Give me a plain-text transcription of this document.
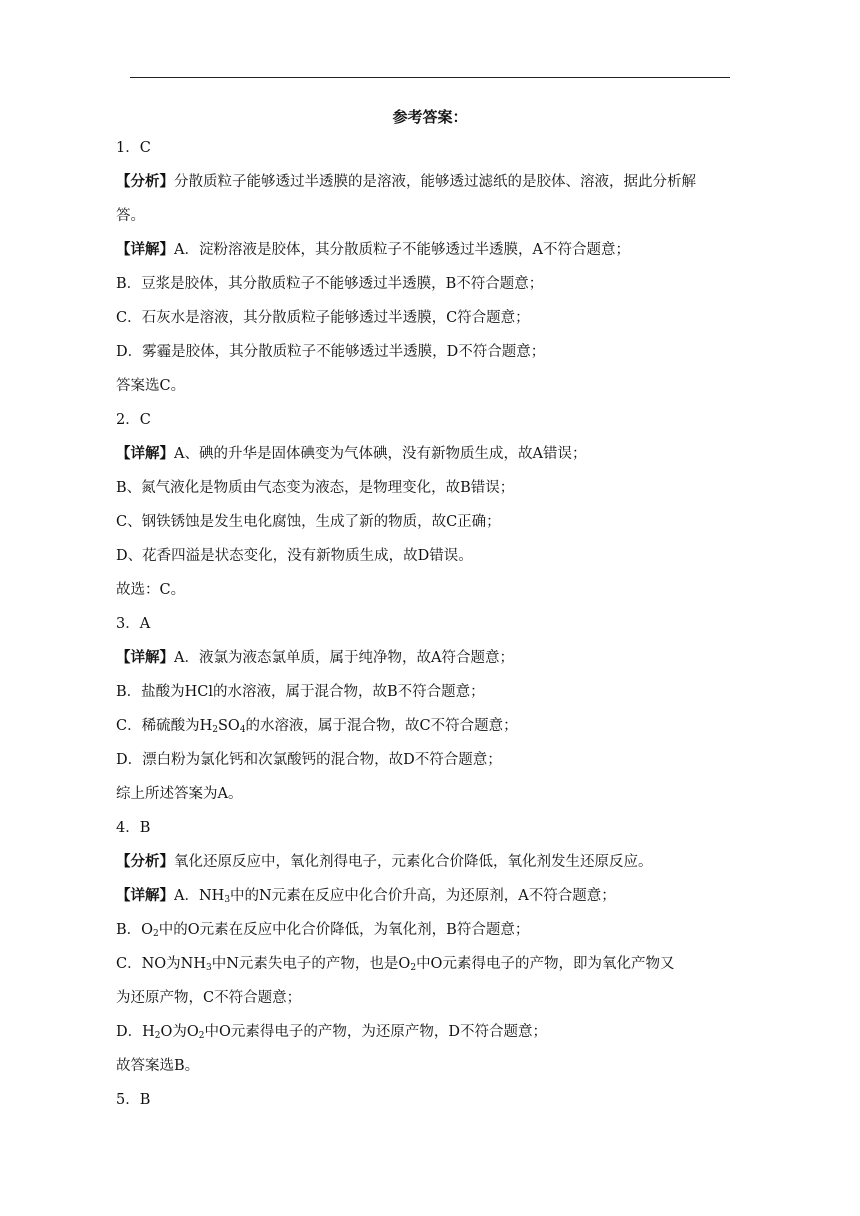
参考答案：
1．C
【分析】分散质粒子能够透过半透膜的是溶液，能够透过滤纸的是胶体、溶液，据此分析解
答。
【详解】A．淀粉溶液是胶体，其分散质粒子不能够透过半透膜，A不符合题意；
B．豆浆是胶体，其分散质粒子不能够透过半透膜，B不符合题意；
C．石灰水是溶液，其分散质粒子能够透过半透膜，C符合题意；
D．雾霾是胶体，其分散质粒子不能够透过半透膜，D不符合题意；
答案选C。
2．C
【详解】A、碘的升华是固体碘变为气体碘，没有新物质生成，故A错误；
B、氮气液化是物质由气态变为液态，是物理变化，故B错误；
C、钢铁锈蚀是发生电化腐蚀，生成了新的物质，故C正确；
D、花香四溢是状态变化，没有新物质生成，故D错误。
故选：C。
3．A
【详解】A．液氯为液态氯单质，属于纯净物，故A符合题意；
B．盐酸为HCl的水溶液，属于混合物，故B不符合题意；
C．稀硫酸为$H_2SO_4$的水溶液，属于混合物，故C不符合题意；
D．漂白粉为氯化钙和次氯酸钙的混合物，故D不符合题意；
综上所述答案为A。
4．B
【分析】氧化还原反应中，氧化剂得电子，元素化合价降低，氧化剂发生还原反应。
【详解】A．$NH_3$中的N元素在反应中化合价升高，为还原剂，A不符合题意；
B．$O_2$中的O元素在反应中化合价降低，为氧化剂，B符合题意；
C．NO为$NH_3$中N元素失电子的产物，也是$O_2$中O元素得电子的产物，即为氧化产物又
为还原产物，C不符合题意；
D．$H_2O$为$O_2$中O元素得电子的产物，为还原产物，D不符合题意；
故答案选B。
5．B
